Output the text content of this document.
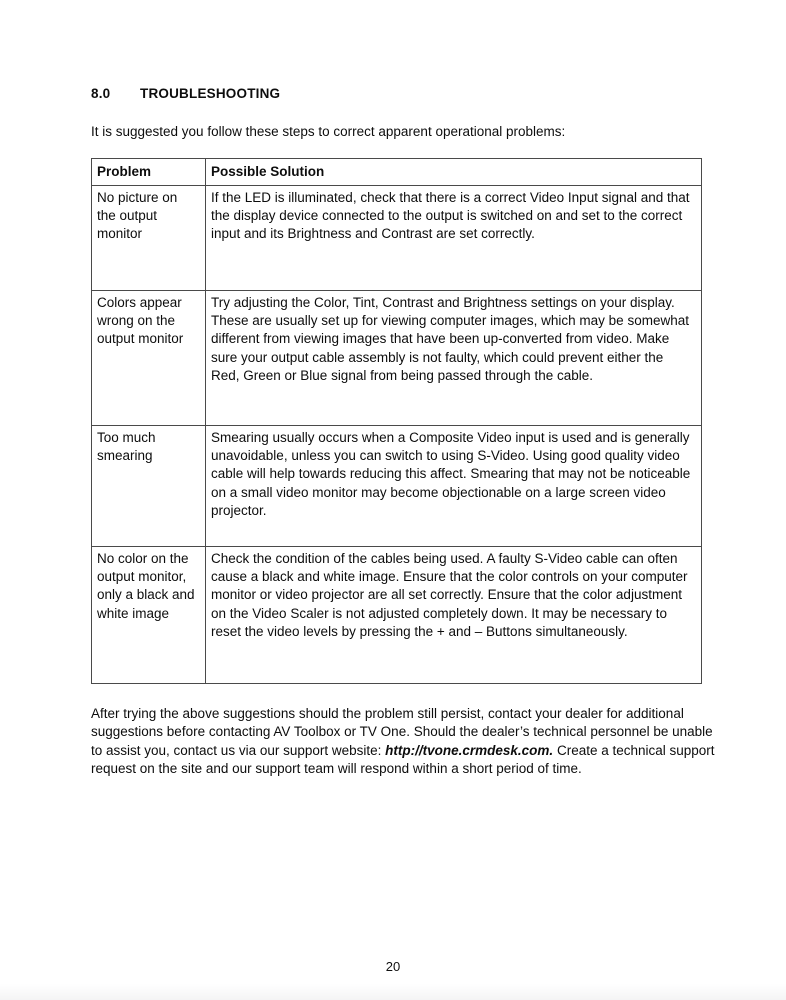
8.0 TROUBLESHOOTING

It is suggested you follow these steps to correct apparent operational problems:

Problem	Possible Solution
No picture on the output monitor	If the LED is illuminated, check that there is a correct Video Input signal and that the display device connected to the output is switched on and set to the correct input and its Brightness and Contrast are set correctly.
Colors appear wrong on the output monitor	Try adjusting the Color, Tint, Contrast and Brightness settings on your display. These are usually set up for viewing computer images, which may be somewhat different from viewing images that have been up-converted from video. Make sure your output cable assembly is not faulty, which could prevent either the Red, Green or Blue signal from being passed through the cable.
Too much smearing	Smearing usually occurs when a Composite Video input is used and is generally unavoidable, unless you can switch to using S-Video. Using good quality video cable will help towards reducing this affect. Smearing that may not be noticeable on a small video monitor may become objectionable on a large screen video projector.
No color on the output monitor, only a black and white image	Check the condition of the cables being used. A faulty S-Video cable can often cause a black and white image. Ensure that the color controls on your computer monitor or video projector are all set correctly. Ensure that the color adjustment on the Video Scaler is not adjusted completely down. It may be necessary to reset the video levels by pressing the + and – Buttons simultaneously.

After trying the above suggestions should the problem still persist, contact your dealer for additional suggestions before contacting AV Toolbox or TV One. Should the dealer’s technical personnel be unable to assist you, contact us via our support website: http://tvone.crmdesk.com. Create a technical support request on the site and our support team will respond within a short period of time.

20
